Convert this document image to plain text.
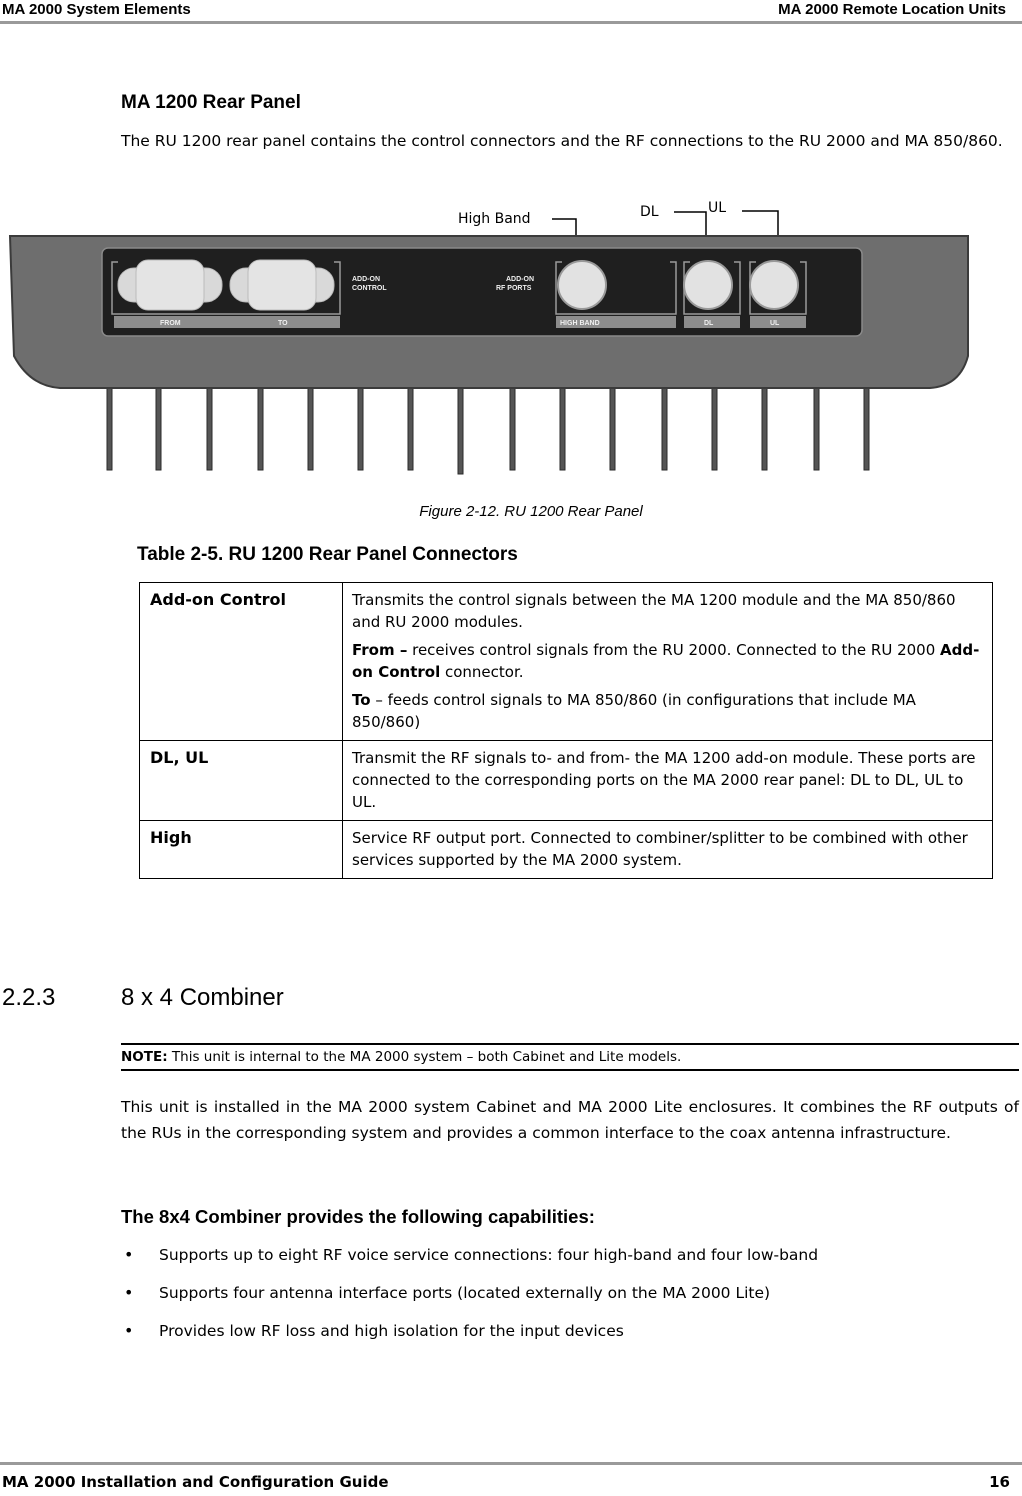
MA 2000 System Elements	MA 2000 Remote Location Units
MA 1200 Rear Panel
The RU 1200 rear panel contains the control connectors and the RF connections to the RU 2000 and MA 850/860.
High Band	DL	UL
FROM	TO
ADD-ON
CONTROL
ADD-ON
RF PORTS
HIGH BAND	DL	UL
Figure 2-12. RU 1200 Rear Panel
Table 2-5. RU 1200 Rear Panel Connectors
Add-on Control	Transmits the control signals between the MA 1200 module and the MA 850/860 and RU 2000 modules.

From – receives control signals from the RU 2000. Connected to the RU 2000 Add-on Control connector.

To – feeds control signals to MA 850/860 (in configurations that include MA 850/860)

DL, UL	Transmit the RF signals to- and from- the MA 1200 add-on module. These ports are connected to the corresponding ports on the MA 2000 rear panel: DL to DL, UL to UL.
High	Service RF output port. Connected to combiner/splitter to be combined with other services supported by the MA 2000 system.
2.2.3	8 x 4 Combiner
NOTE: This unit is internal to the MA 2000 system – both Cabinet and Lite models.
This unit is installed in the MA 2000 system Cabinet and MA 2000 Lite enclosures. It combines the RF outputs of the RUs in the corresponding system and provides a common interface to the coax antenna infrastructure.
The 8x4 Combiner provides the following capabilities:
• Supports up to eight RF voice service connections: four high-band and four low-band
• Supports four antenna interface ports (located externally on the MA 2000 Lite)
• Provides low RF loss and high isolation for the input devices
MA 2000 Installation and Configuration Guide	16
